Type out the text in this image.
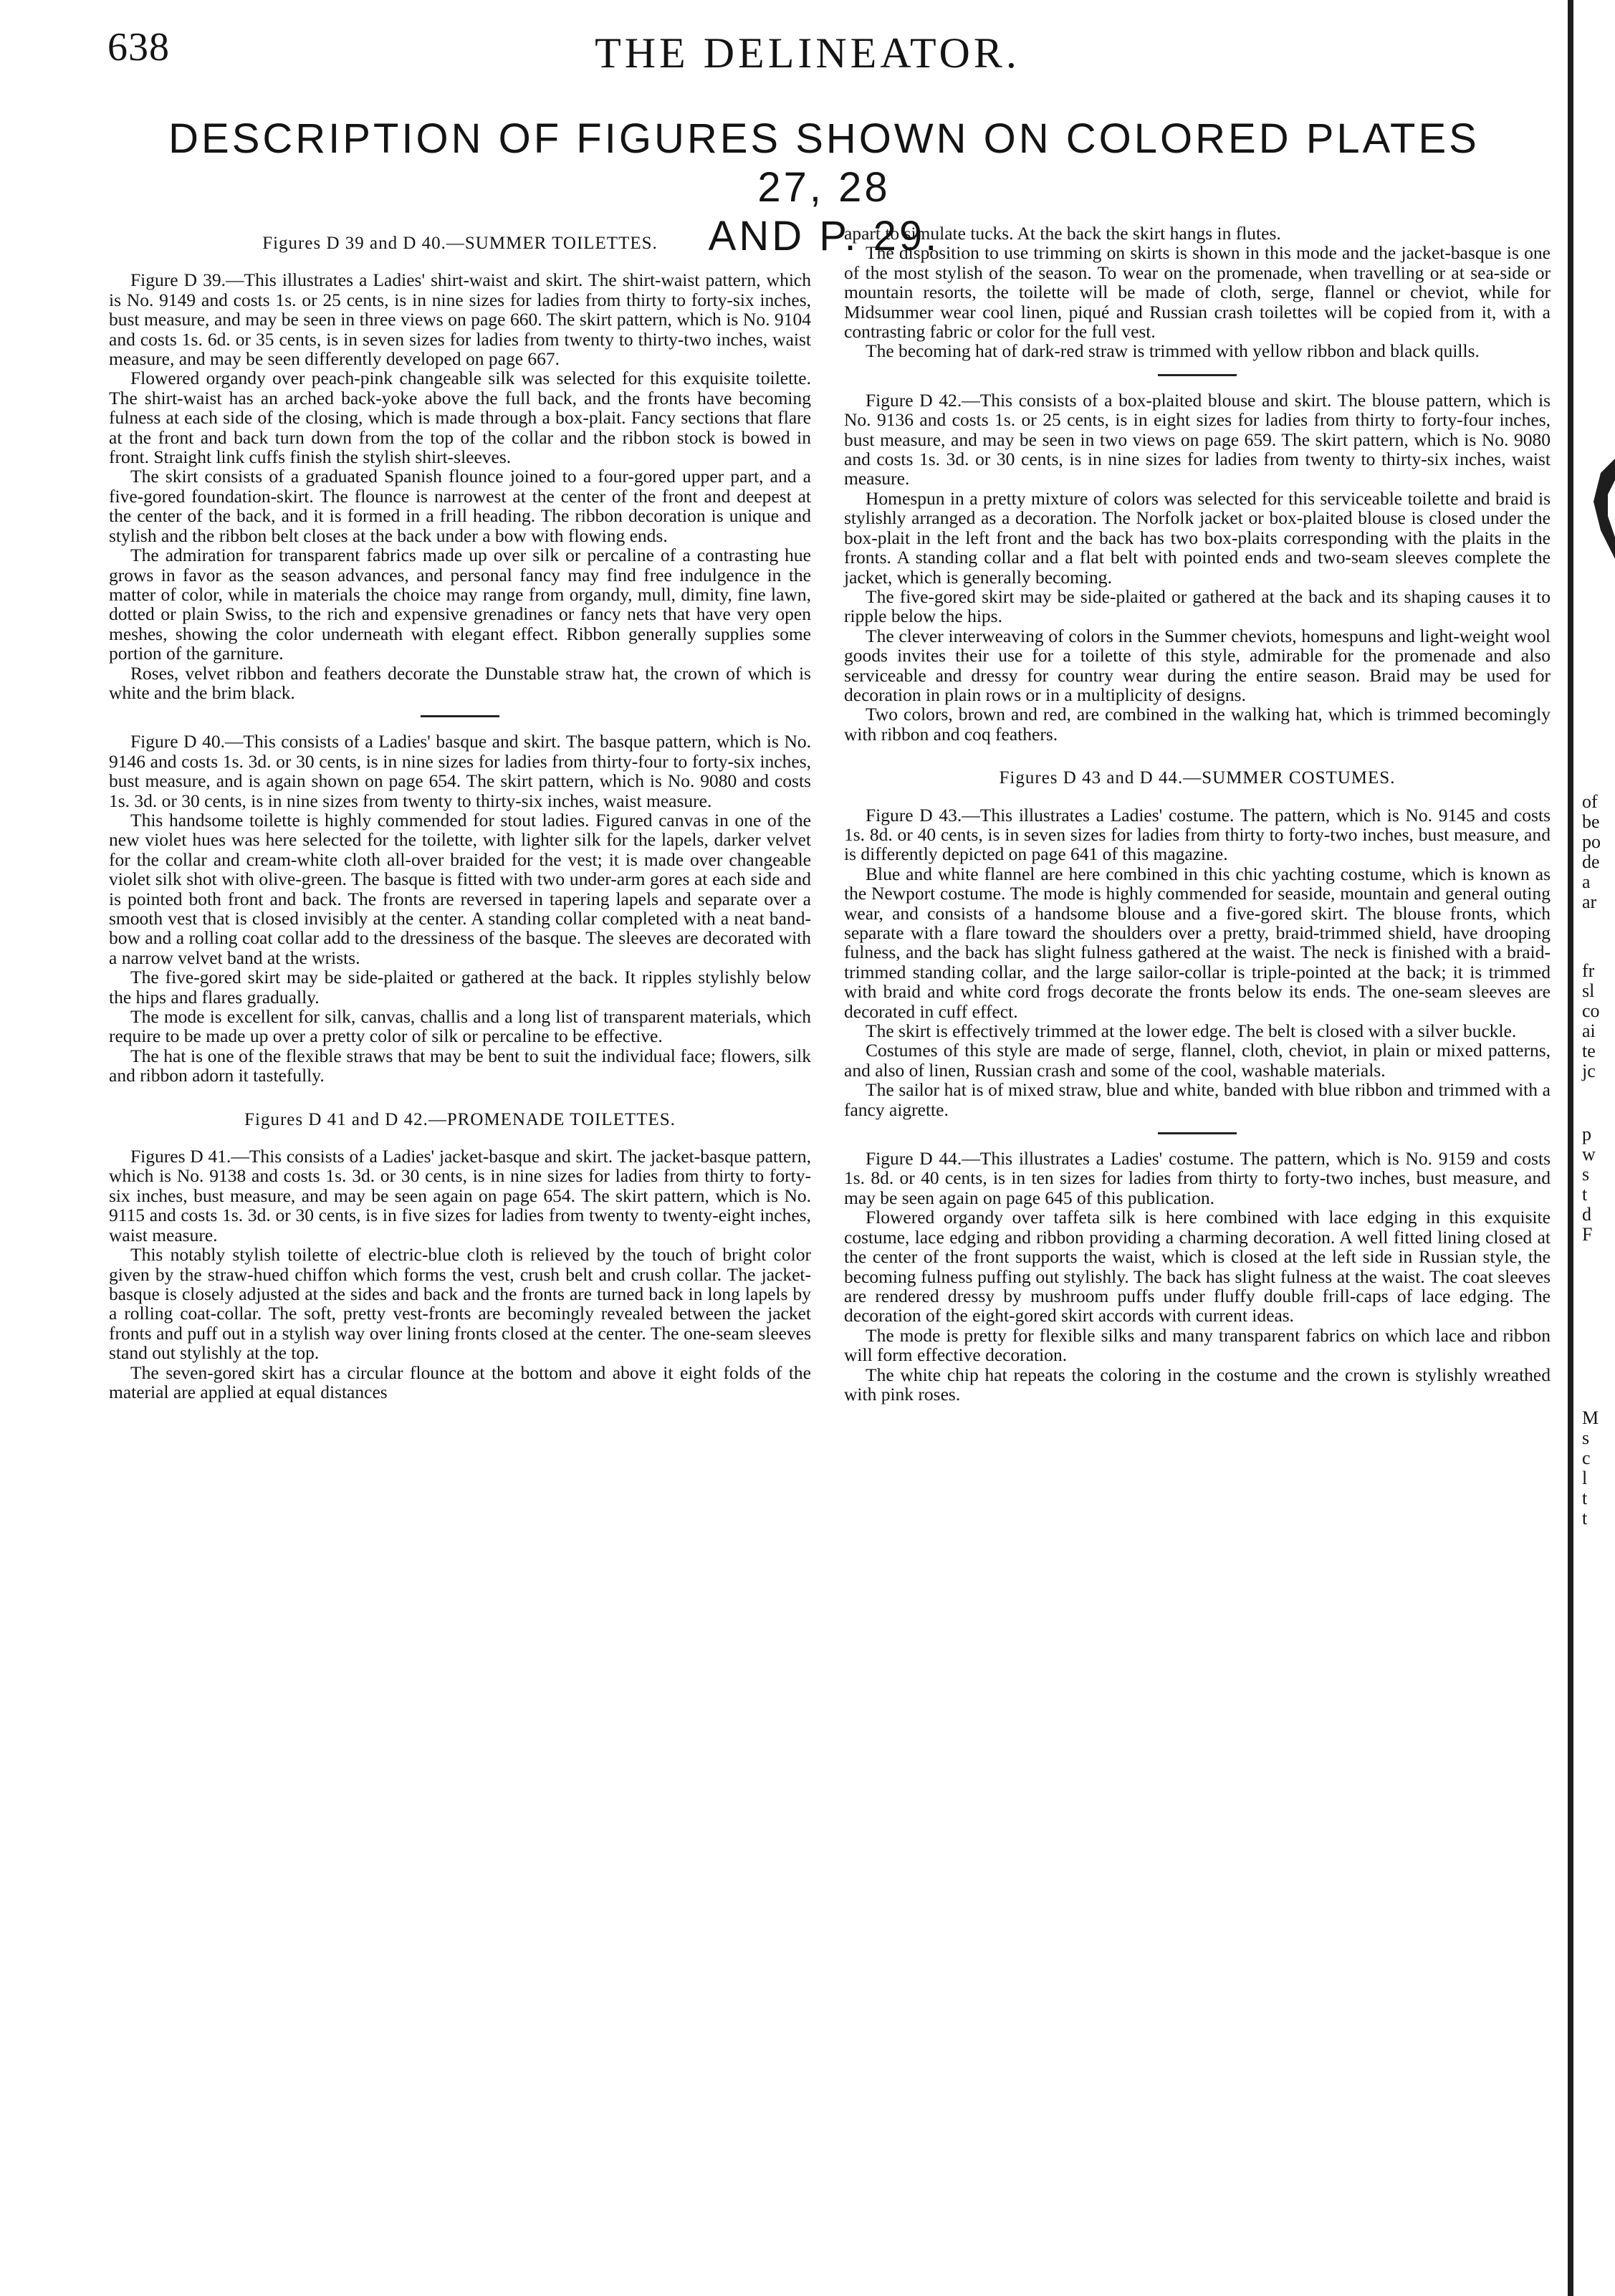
638	THE DELINEATOR.
DESCRIPTION OF FIGURES SHOWN ON COLORED PLATES 27, 28
AND P. 29.
Figures D 39 and D 40.—SUMMER TOILETTES.

Figure D 39.—This illustrates a Ladies' shirt-waist and skirt. The shirt-waist pattern, which is No. 9149 and costs 1s. or 25 cents, is in nine sizes for ladies from thirty to forty-six inches, bust measure, and may be seen in three views on page 660. The skirt pattern, which is No. 9104 and costs 1s. 6d. or 35 cents, is in seven sizes for ladies from twenty to thirty-two inches, waist measure, and may be seen differently developed on page 667.

Flowered organdy over peach-pink changeable silk was selected for this exquisite toilette. The shirt-waist has an arched back-yoke above the full back, and the fronts have becoming fulness at each side of the closing, which is made through a box-plait. Fancy sections that flare at the front and back turn down from the top of the collar and the ribbon stock is bowed in front. Straight link cuffs finish the stylish shirt-sleeves.

The skirt consists of a graduated Spanish flounce joined to a four-gored upper part, and a five-gored foundation-skirt. The flounce is narrowest at the center of the front and deepest at the center of the back, and it is formed in a frill heading. The ribbon decoration is unique and stylish and the ribbon belt closes at the back under a bow with flowing ends.

The admiration for transparent fabrics made up over silk or percaline of a contrasting hue grows in favor as the season advances, and personal fancy may find free indulgence in the matter of color, while in materials the choice may range from organdy, mull, dimity, fine lawn, dotted or plain Swiss, to the rich and expensive grenadines or fancy nets that have very open meshes, showing the color underneath with elegant effect. Ribbon generally supplies some portion of the garniture.

Roses, velvet ribbon and feathers decorate the Dunstable straw hat, the crown of which is white and the brim black.

Figure D 40.—This consists of a Ladies' basque and skirt. The basque pattern, which is No. 9146 and costs 1s. 3d. or 30 cents, is in nine sizes for ladies from thirty-four to forty-six inches, bust measure, and is again shown on page 654. The skirt pattern, which is No. 9080 and costs 1s. 3d. or 30 cents, is in nine sizes from twenty to thirty-six inches, waist measure.

This handsome toilette is highly commended for stout ladies. Figured canvas in one of the new violet hues was here selected for the toilette, with lighter silk for the lapels, darker velvet for the collar and cream-white cloth all-over braided for the vest; it is made over changeable violet silk shot with olive-green. The basque is fitted with two under-arm gores at each side and is pointed both front and back. The fronts are reversed in tapering lapels and separate over a smooth vest that is closed invisibly at the center. A standing collar completed with a neat band-bow and a rolling coat collar add to the dressiness of the basque. The sleeves are decorated with a narrow velvet band at the wrists.

The five-gored skirt may be side-plaited or gathered at the back. It ripples stylishly below the hips and flares gradually.

The mode is excellent for silk, canvas, challis and a long list of transparent materials, which require to be made up over a pretty color of silk or percaline to be effective.

The hat is one of the flexible straws that may be bent to suit the individual face; flowers, silk and ribbon adorn it tastefully.

Figures D 41 and D 42.—PROMENADE TOILETTES.

Figures D 41.—This consists of a Ladies' jacket-basque and skirt. The jacket-basque pattern, which is No. 9138 and costs 1s. 3d. or 30 cents, is in nine sizes for ladies from thirty to forty-six inches, bust measure, and may be seen again on page 654. The skirt pattern, which is No. 9115 and costs 1s. 3d. or 30 cents, is in five sizes for ladies from twenty to twenty-eight inches, waist measure.

This notably stylish toilette of electric-blue cloth is relieved by the touch of bright color given by the straw-hued chiffon which forms the vest, crush belt and crush collar. The jacket-basque is closely adjusted at the sides and back and the fronts are turned back in long lapels by a rolling coat-collar. The soft, pretty vest-fronts are becomingly revealed between the jacket fronts and puff out in a stylish way over lining fronts closed at the center. The one-seam sleeves stand out stylishly at the top.

The seven-gored skirt has a circular flounce at the bottom and above it eight folds of the material are applied at equal distances

apart to simulate tucks. At the back the skirt hangs in flutes.

The disposition to use trimming on skirts is shown in this mode and the jacket-basque is one of the most stylish of the season. To wear on the promenade, when travelling or at sea-side or mountain resorts, the toilette will be made of cloth, serge, flannel or cheviot, while for Midsummer wear cool linen, piqué and Russian crash toilettes will be copied from it, with a contrasting fabric or color for the full vest.

The becoming hat of dark-red straw is trimmed with yellow ribbon and black quills.

Figure D 42.—This consists of a box-plaited blouse and skirt. The blouse pattern, which is No. 9136 and costs 1s. or 25 cents, is in eight sizes for ladies from thirty to forty-four inches, bust measure, and may be seen in two views on page 659. The skirt pattern, which is No. 9080 and costs 1s. 3d. or 30 cents, is in nine sizes for ladies from twenty to thirty-six inches, waist measure.

Homespun in a pretty mixture of colors was selected for this serviceable toilette and braid is stylishly arranged as a decoration. The Norfolk jacket or box-plaited blouse is closed under the box-plait in the left front and the back has two box-plaits corresponding with the plaits in the fronts. A standing collar and a flat belt with pointed ends and two-seam sleeves complete the jacket, which is generally becoming.

The five-gored skirt may be side-plaited or gathered at the back and its shaping causes it to ripple below the hips.

The clever interweaving of colors in the Summer cheviots, homespuns and light-weight wool goods invites their use for a toilette of this style, admirable for the promenade and also serviceable and dressy for country wear during the entire season. Braid may be used for decoration in plain rows or in a multiplicity of designs.

Two colors, brown and red, are combined in the walking hat, which is trimmed becomingly with ribbon and coq feathers.

Figures D 43 and D 44.—SUMMER COSTUMES.

Figure D 43.—This illustrates a Ladies' costume. The pattern, which is No. 9145 and costs 1s. 8d. or 40 cents, is in seven sizes for ladies from thirty to forty-two inches, bust measure, and is differently depicted on page 641 of this magazine.

Blue and white flannel are here combined in this chic yachting costume, which is known as the Newport costume. The mode is highly commended for seaside, mountain and general outing wear, and consists of a handsome blouse and a five-gored skirt. The blouse fronts, which separate with a flare toward the shoulders over a pretty, braid-trimmed shield, have drooping fulness, and the back has slight fulness gathered at the waist. The neck is finished with a braid-trimmed standing collar, and the large sailor-collar is triple-pointed at the back; it is trimmed with braid and white cord frogs decorate the fronts below its ends. The one-seam sleeves are decorated in cuff effect.

The skirt is effectively trimmed at the lower edge. The belt is closed with a silver buckle.

Costumes of this style are made of serge, flannel, cloth, cheviot, in plain or mixed patterns, and also of linen, Russian crash and some of the cool, washable materials.

The sailor hat is of mixed straw, blue and white, banded with blue ribbon and trimmed with a fancy aigrette.

Figure D 44.—This illustrates a Ladies' costume. The pattern, which is No. 9159 and costs 1s. 8d. or 40 cents, is in ten sizes for ladies from thirty to forty-two inches, bust measure, and may be seen again on page 645 of this publication.

Flowered organdy over taffeta silk is here combined with lace edging in this exquisite costume, lace edging and ribbon providing a charming decoration. A well fitted lining closed at the center of the front supports the waist, which is closed at the left side in Russian style, the becoming fulness puffing out stylishly. The back has slight fulness at the waist. The coat sleeves are rendered dressy by mushroom puffs under fluffy double frill-caps of lace edging. The decoration of the eight-gored skirt accords with current ideas.

The mode is pretty for flexible silks and many transparent fabrics on which lace and ribbon will form effective decoration.

The white chip hat repeats the coloring in the costume and the crown is stylishly wreathed with pink roses.

of
be
po
de
a
ar
fr
sl
co
ai
te
jc
p
w
s
t
d
F
M
s
c
l
t
t
